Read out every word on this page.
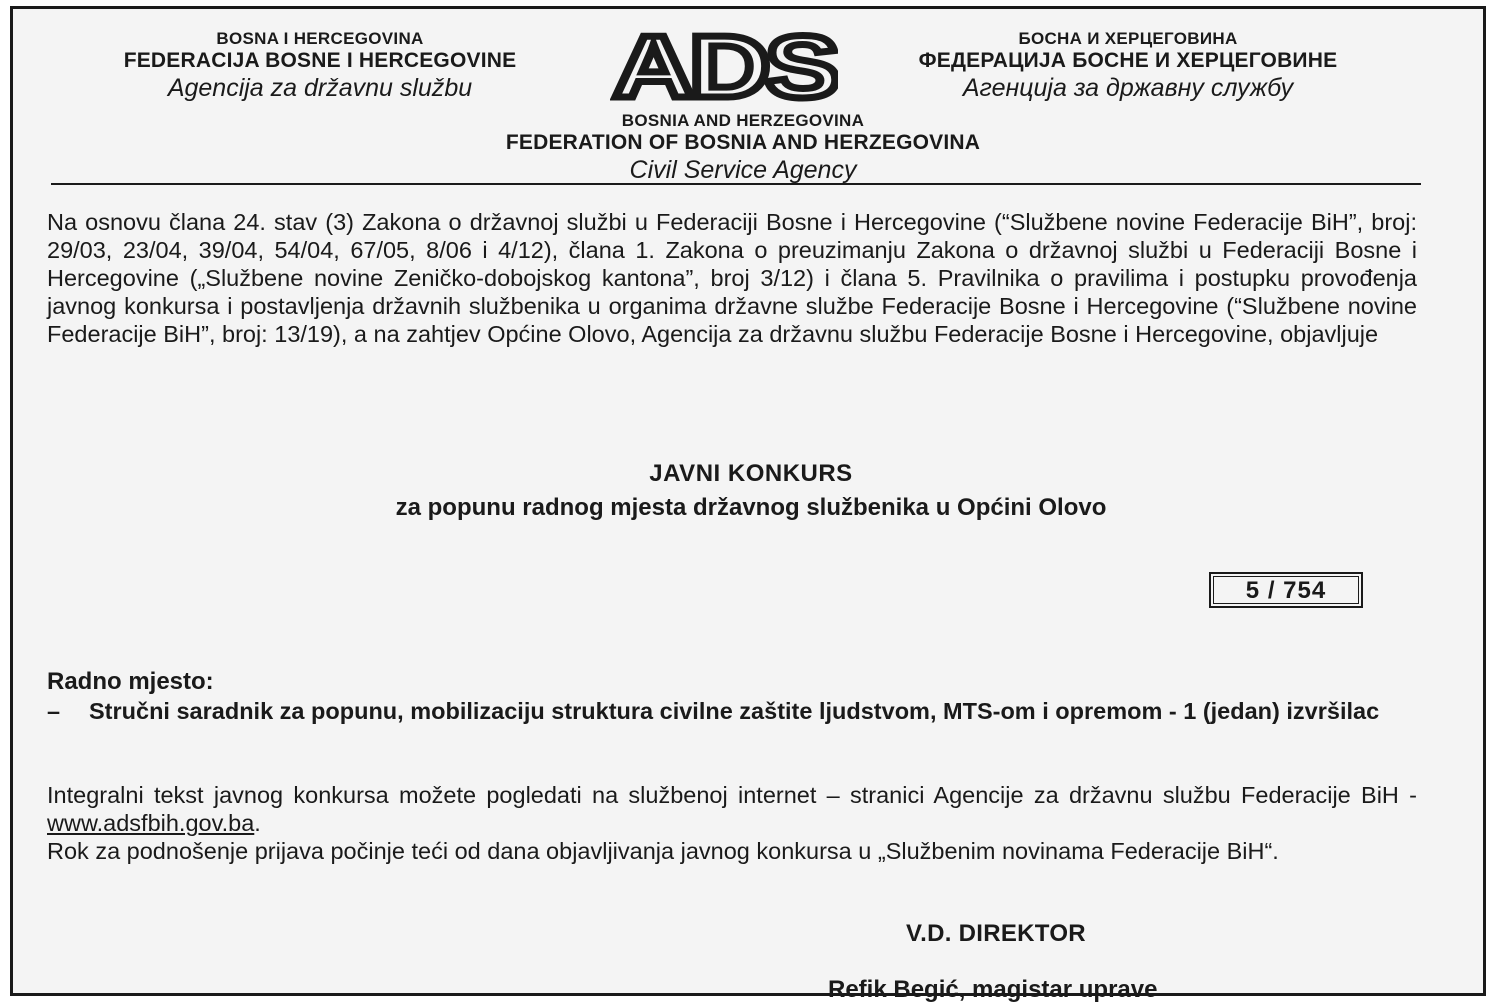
BOSNA I HERCEGOVINA
FEDERACIJA BOSNE I HERCEGOVINE
Agencija za državnu službu	ADS	БОСНА И ХЕРЦЕГОВИНА
ФЕДЕРАЦИЈА БОСНЕ И ХЕРЦЕГОВИНЕ
Агенција за државну службу
BOSNIA AND HERZEGOVINA
FEDERATION OF BOSNIA AND HERZEGOVINA
Civil Service Agency
Na osnovu člana 24. stav (3) Zakona o državnoj službi u Federaciji Bosne i Hercegovine (“Službene novine Federacije BiH”, broj: 29/03, 23/04, 39/04, 54/04, 67/05, 8/06 i 4/12), člana 1. Zakona o preuzimanju Zakona o državnoj službi u Federaciji Bosne i Hercegovine („Službene novine Zeničko-dobojskog kantona”, broj 3/12) i člana 5. Pravilnika o pravilima i postupku provođenja javnog konkursa i postavljenja državnih službenika u organima državne službe Federacije Bosne i Hercegovine (“Službene novine Federacije BiH”, broj: 13/19), a na zahtjev Općine Olovo, Agencija za državnu službu Federacije Bosne i Hercegovine, objavljuje
JAVNI KONKURS
za popunu radnog mjesta državnog službenika u Općini Olovo
5 / 754
Radno mjesto:
– Stručni saradnik za popunu, mobilizaciju struktura civilne zaštite ljudstvom, MTS-om i opremom - 1 (jedan) izvršilac
Integralni tekst javnog konkursa možete pogledati na službenoj internet – stranici Agencije za državnu službu Federacije BiH - www.adsfbih.gov.ba.
Rok za podnošenje prijava počinje teći od dana objavljivanja javnog konkursa u „Službenim novinama Federacije BiH“.
V.D. DIREKTOR
Refik Begić, magistar uprave
